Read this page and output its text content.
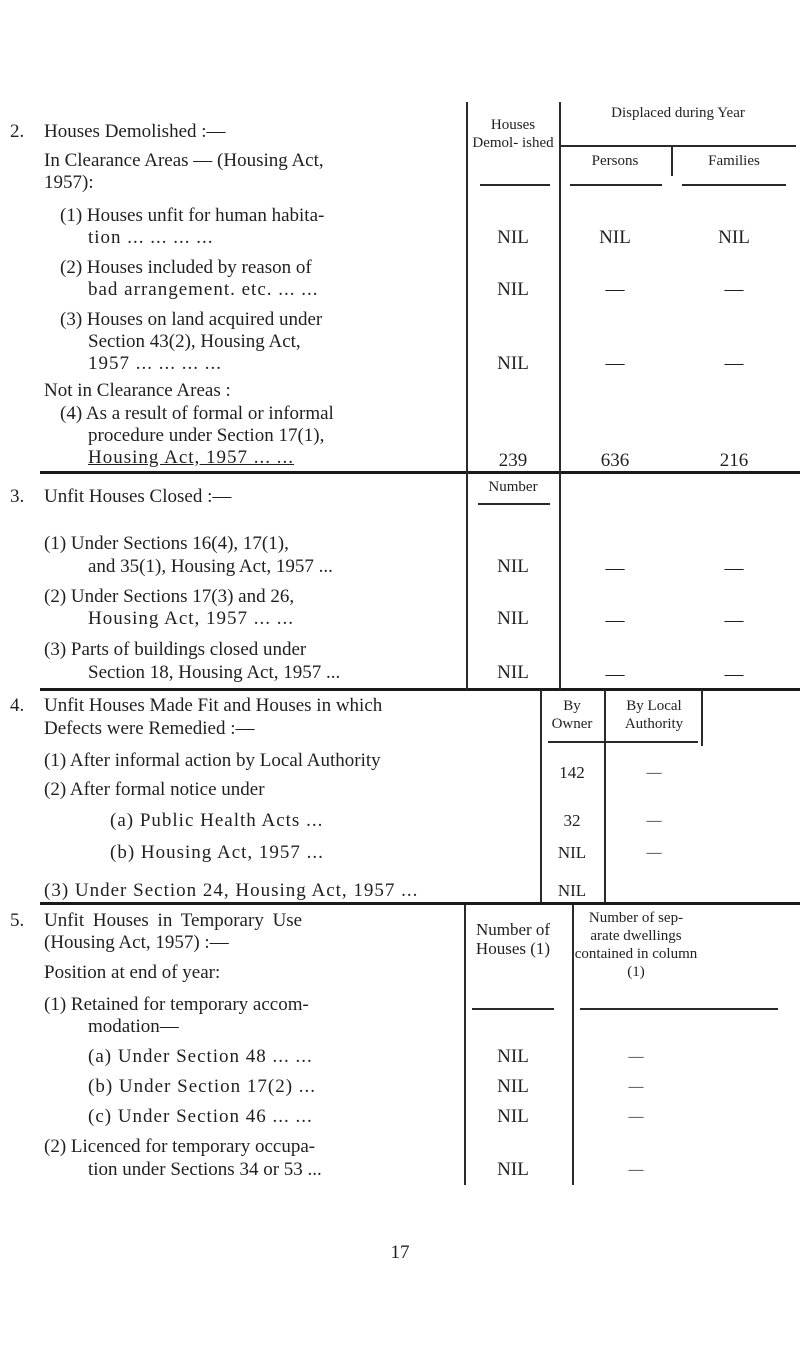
2. Houses Demolished :—	Houses Demol- ished
Displaced during Year
Persons	Families
In Clearance Areas — (Housing Act,
1957):
(1) Houses unfit for human habita-
tion ... ... ... ...	NIL	NIL	NIL
(2) Houses included by reason of
bad arrangement. etc. ... ...	NIL	—	—
(3) Houses on land acquired under
Section 43(2), Housing Act,
1957 ... ... ... ...	NIL	—	—
Not in Clearance Areas :
(4) As a result of formal or informal
procedure under Section 17(1),
Housing Act, 1957 ... ...	239	636	216
Number
3. Unfit Houses Closed :—
(1) Under Sections 16(4), 17(1),
and 35(1), Housing Act, 1957 ...	NIL	—	—
(2) Under Sections 17(3) and 26,
Housing Act, 1957 ... ...	NIL	—	—
(3) Parts of buildings closed under
Section 18, Housing Act, 1957 ...	NIL	—	—
4. Unfit Houses Made Fit and Houses in which
Defects were Remedied :—
By Owner
By Local Authority
(1) After informal action by Local Authority
142	—
(2) After formal notice under
(a) Public Health Acts ...	32	—
(b) Housing Act, 1957 ...	NIL	—
(3) Under Section 24, Housing Act, 1957 ...	NIL
5. Unfit Houses in Temporary Use
(Housing Act, 1957) :—
Position at end of year:
Number of Houses (1)
Number of sep- arate dwellings contained in column (1)
(1) Retained for temporary accom-
modation—
(a) Under Section 48 ... ...	NIL	—
(b) Under Section 17(2) ...	NIL	—
(c) Under Section 46 ... ...	NIL	—
(2) Licenced for temporary occupa-
tion under Sections 34 or 53 ...	NIL	—
17
